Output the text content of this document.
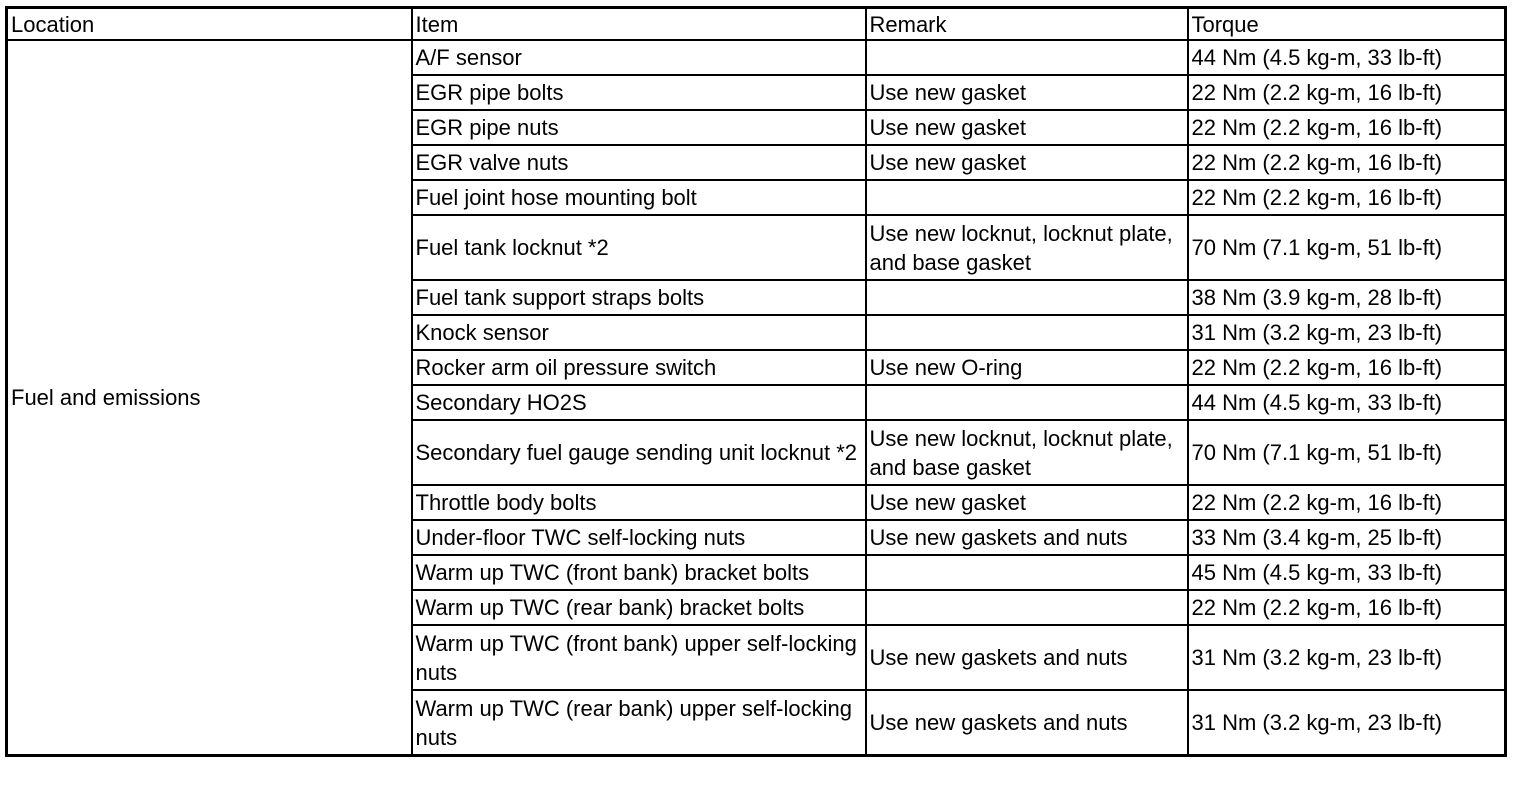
Location	Item	Remark	Torque
Fuel and emissions	A/F sensor		44 Nm (4.5 kg-m, 33 lb-ft)
	EGR pipe bolts	Use new gasket	22 Nm (2.2 kg-m, 16 lb-ft)
	EGR pipe nuts	Use new gasket	22 Nm (2.2 kg-m, 16 lb-ft)
	EGR valve nuts	Use new gasket	22 Nm (2.2 kg-m, 16 lb-ft)
	Fuel joint hose mounting bolt		22 Nm (2.2 kg-m, 16 lb-ft)
	Fuel tank locknut *2	Use new locknut, locknut plate, and base gasket	70 Nm (7.1 kg-m, 51 lb-ft)
	Fuel tank support straps bolts		38 Nm (3.9 kg-m, 28 lb-ft)
	Knock sensor		31 Nm (3.2 kg-m, 23 lb-ft)
	Rocker arm oil pressure switch	Use new O-ring	22 Nm (2.2 kg-m, 16 lb-ft)
	Secondary HO2S		44 Nm (4.5 kg-m, 33 lb-ft)
	Secondary fuel gauge sending unit locknut *2	Use new locknut, locknut plate, and base gasket	70 Nm (7.1 kg-m, 51 lb-ft)
	Throttle body bolts	Use new gasket	22 Nm (2.2 kg-m, 16 lb-ft)
	Under-floor TWC self-locking nuts	Use new gaskets and nuts	33 Nm (3.4 kg-m, 25 lb-ft)
	Warm up TWC (front bank) bracket bolts		45 Nm (4.5 kg-m, 33 lb-ft)
	Warm up TWC (rear bank) bracket bolts		22 Nm (2.2 kg-m, 16 lb-ft)
	Warm up TWC (front bank) upper self-locking nuts	Use new gaskets and nuts	31 Nm (3.2 kg-m, 23 lb-ft)
	Warm up TWC (rear bank) upper self-locking nuts	Use new gaskets and nuts	31 Nm (3.2 kg-m, 23 lb-ft)
